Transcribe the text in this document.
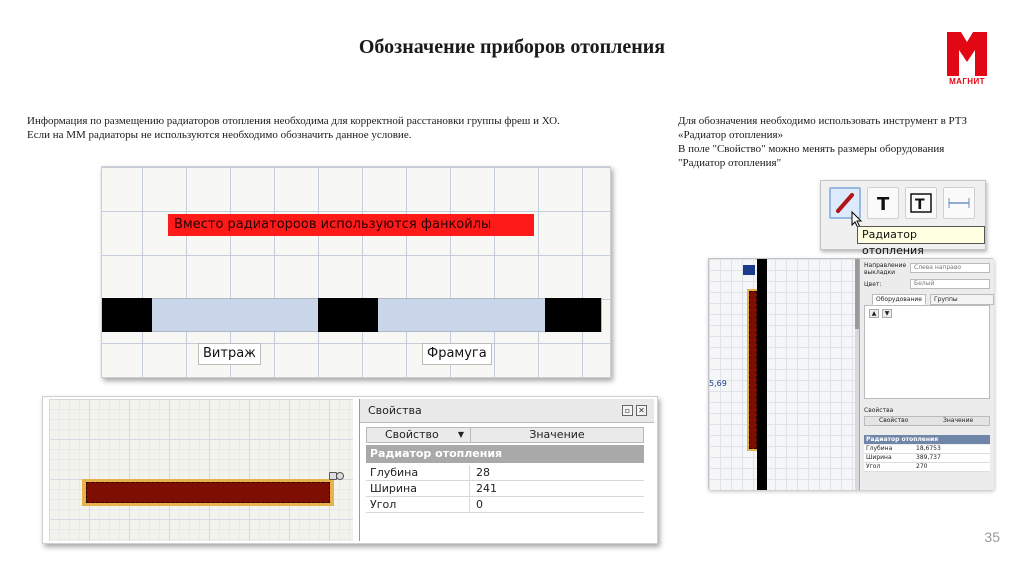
Обозначение приборов отопления
МАГНИТ
Информация по размещению радиаторов отопления необходима для корректной расстановки группы фреш и ХО.
Если на ММ радиаторы не используются необходимо обозначить данное условие.
Для обозначения необходимо использовать инструмент в РТЗ
«Радиатор отопления»
В поле "Свойство" можно менять размеры оборудования
"Радиатор отопления"
Вместо радиатороов используются фанкойлы
Витраж	Фрамуга
Свойства	▫ ✕
Свойство ▼	Значение
Радиатор отопления
Глубина	28
Ширина	241
Угол	0
T T
Радиатор отопления
5,69
Направление выкладки
Слева направо
Цвет:	Белый
Оборудование	Группы
▲	▼
Свойства
Свойство	Значение
Радиатор отопления
Глубина	18,6753
Ширина	389,737
Угол	270
35
